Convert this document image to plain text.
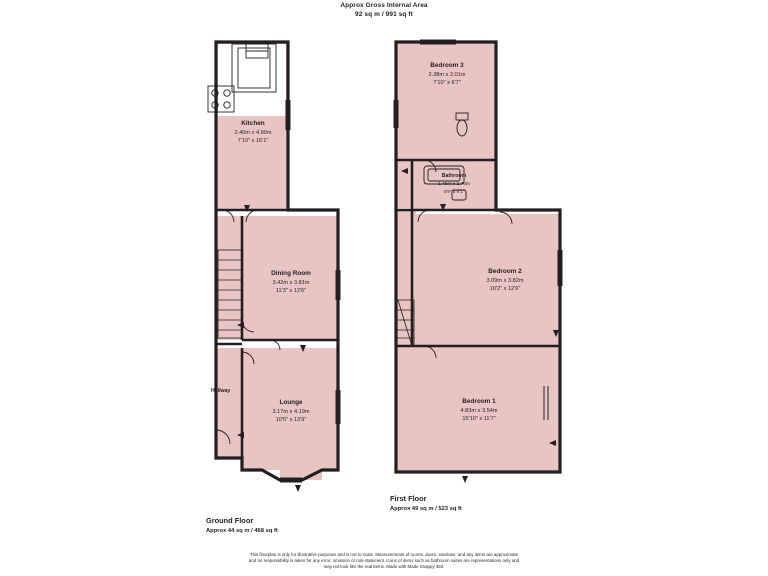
Approx Gross Internal Area
92 sq m / 991 sq ft
Kitchen
2.40m x 4.90m
7'10" x 16'1"
Dining Room
3.42m x 3.81m
11'3" x 12'6"
Lounge
3.17m x 4.19m
10'5" x 13'9"
Hallway
Bedroom 3
2.38m x 2.01m
7'10" x 6'7"
Bathroom
1.46m x 2.76m
4'9" x 9'1"
Bedroom 2
3.09m x 3.82m
10'2" x 12'6"
Bedroom 1
4.83m x 3.54m
15'10" x 11'7"
Ground Floor
Approx 44 sq m / 468 sq ft
First Floor
Approx 49 sq m / 523 sq ft
This floorplan is only for illustrative purposes and is not to scale. Measurements of rooms, doors, windows, and any items are approximate
and no responsibility is taken for any error, omission or mis-statement. Icons of items such as bathroom suites are representations only and
may not look like the real items. Made with Made Snappy 360.
